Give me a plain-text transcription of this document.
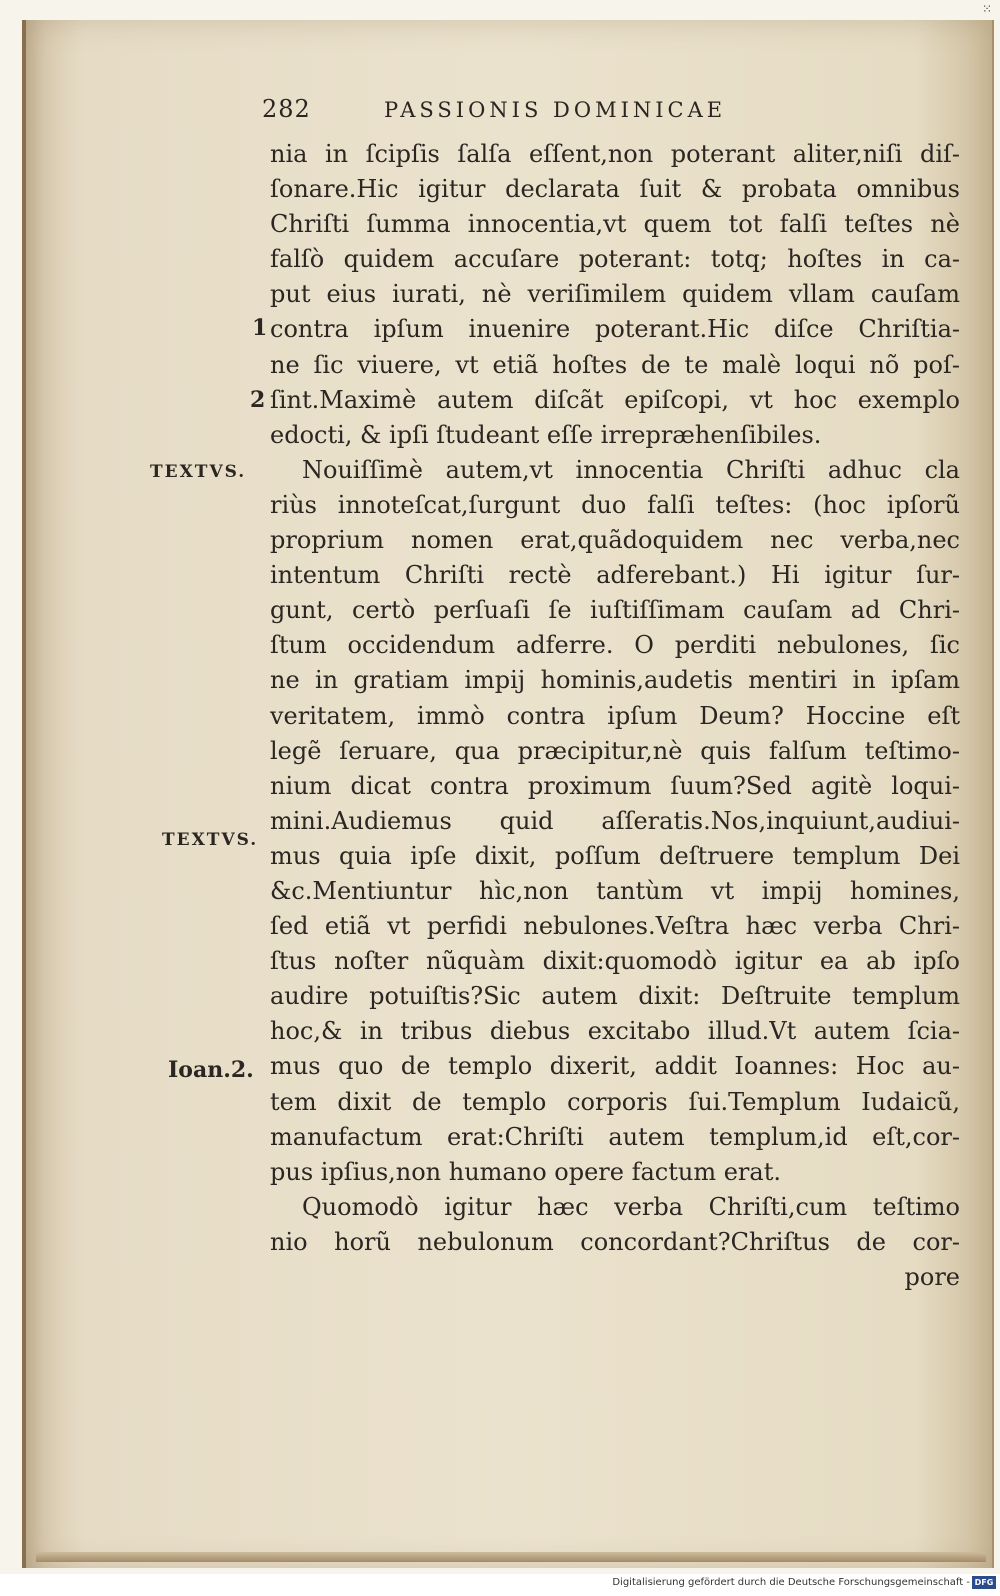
282	PASSIONIS DOMINICAE
1
2
TEXTVS.
TEXTVS.
Ioan.2.
nia in ſcipſis ſalſa eſſent,non poterant aliter,niſi diſ-
ſonare.Hic igitur declarata ſuit & probata omnibus
Chriſti ſumma innocentia,vt quem tot falſi teſtes nè
falſò quidem accuſare poterant: totq; hoſtes in ca-
put eius iurati, nè veriſimilem quidem vllam cauſam
contra ipſum inuenire poterant.Hic diſce Chriſtia-
ne ſic viuere, vt etiã hoſtes de te malè loqui nõ poſ-
ſint.Maximè autem diſcãt epiſcopi, vt hoc exemplo
edocti, & ipſi ſtudeant eſſe irrepræhenſibiles.
Nouiſſimè autem,vt innocentia Chriſti adhuc cla
riùs innoteſcat,ſurgunt duo falſi teſtes: (hoc ipſorũ
proprium nomen erat,quãdoquidem nec verba,nec
intentum Chriſti rectè adferebant.) Hi igitur ſur-
gunt, certò perſuaſi ſe iuſtiſſimam cauſam ad Chri-
ſtum occidendum adferre. O perditi nebulones, ſic
ne in gratiam impij hominis,audetis mentiri in ipſam
veritatem, immò contra ipſum Deum? Hoccine eſt
legẽ ſeruare, qua præcipitur,nè quis falſum teſtimo-
nium dicat contra proximum ſuum?Sed agitè loqui-
mini.Audiemus quid aſſeratis.Nos,inquiunt,audiui-
mus quia ipſe dixit, poſſum deſtruere templum Dei
&c.Mentiuntur hìc,non tantùm vt impij homines,
ſed etiã vt perfidi nebulones.Veſtra hæc verba Chri-
ſtus noſter nũquàm dixit:quomodò igitur ea ab ipſo
audire potuiſtis?Sic autem dixit: Deſtruite templum
hoc,& in tribus diebus excitabo illud.Vt autem ſcia-
mus quo de templo dixerit, addit Ioannes: Hoc au-
tem dixit de templo corporis ſui.Templum Iudaicũ,
manufactum erat:Chriſti autem templum,id eſt,cor-
pus ipſius,non humano opere factum erat.
Quomodò igitur hæc verba Chriſti,cum teſtimo
nio horũ nebulonum concordant?Chriſtus de cor-
pore
⁙
Digitalisierung gefördert durch die Deutsche Forschungsgemeinschaft - DFG
